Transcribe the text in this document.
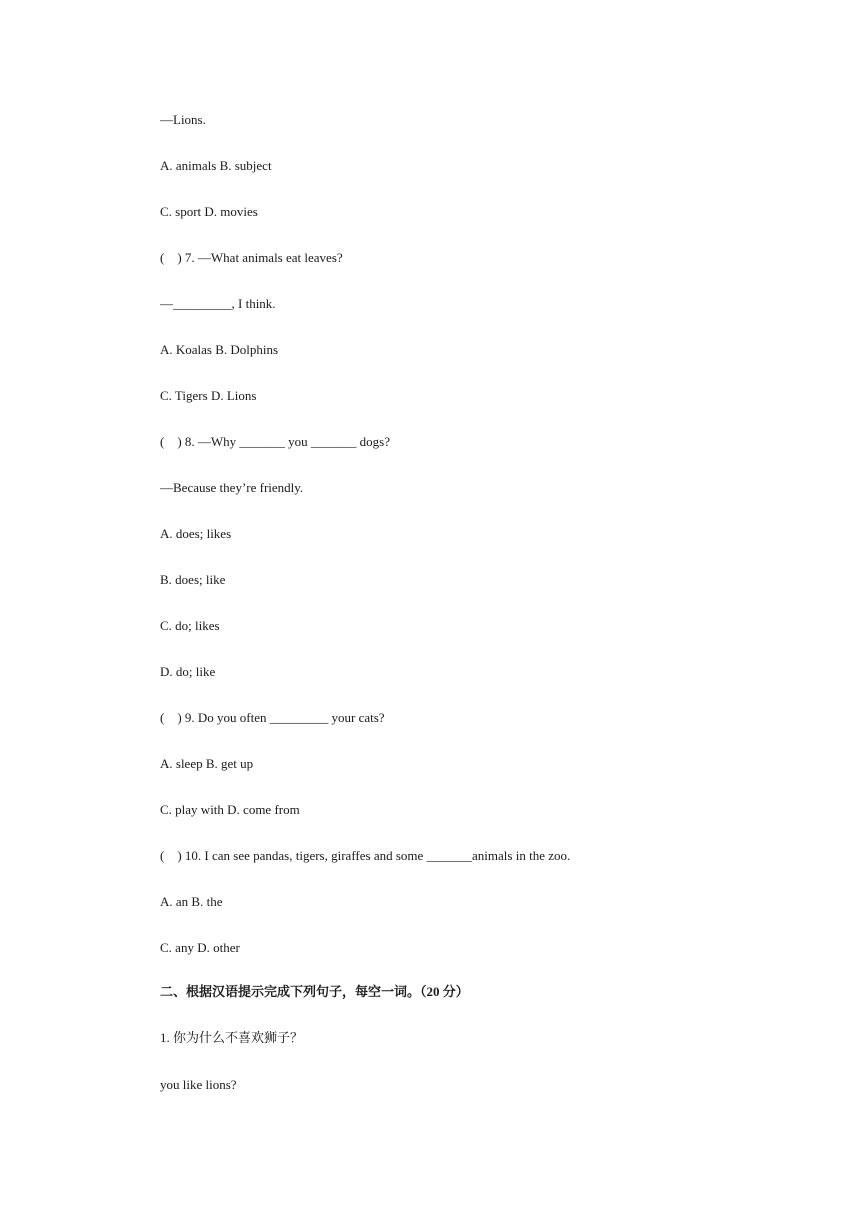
—Lions.
A. animals B. subject
C. sport D. movies
(    ) 7. —What animals eat leaves?
—_________, I think.
A. Koalas B. Dolphins
C. Tigers D. Lions
(    ) 8. —Why _______ you _______ dogs?
—Because they’re friendly.
A. does; likes
B. does; like
C. do; likes
D. do; like
(    ) 9. Do you often _________ your cats?
A. sleep B. get up
C. play with D. come from
(    ) 10. I can see pandas, tigers, giraffes and some _______animals in the zoo.
A. an B. the
C. any D. other
二、根据汉语提示完成下列句子，每空一词。（20 分）
1. 你为什么不喜欢狮子？
you like lions?
